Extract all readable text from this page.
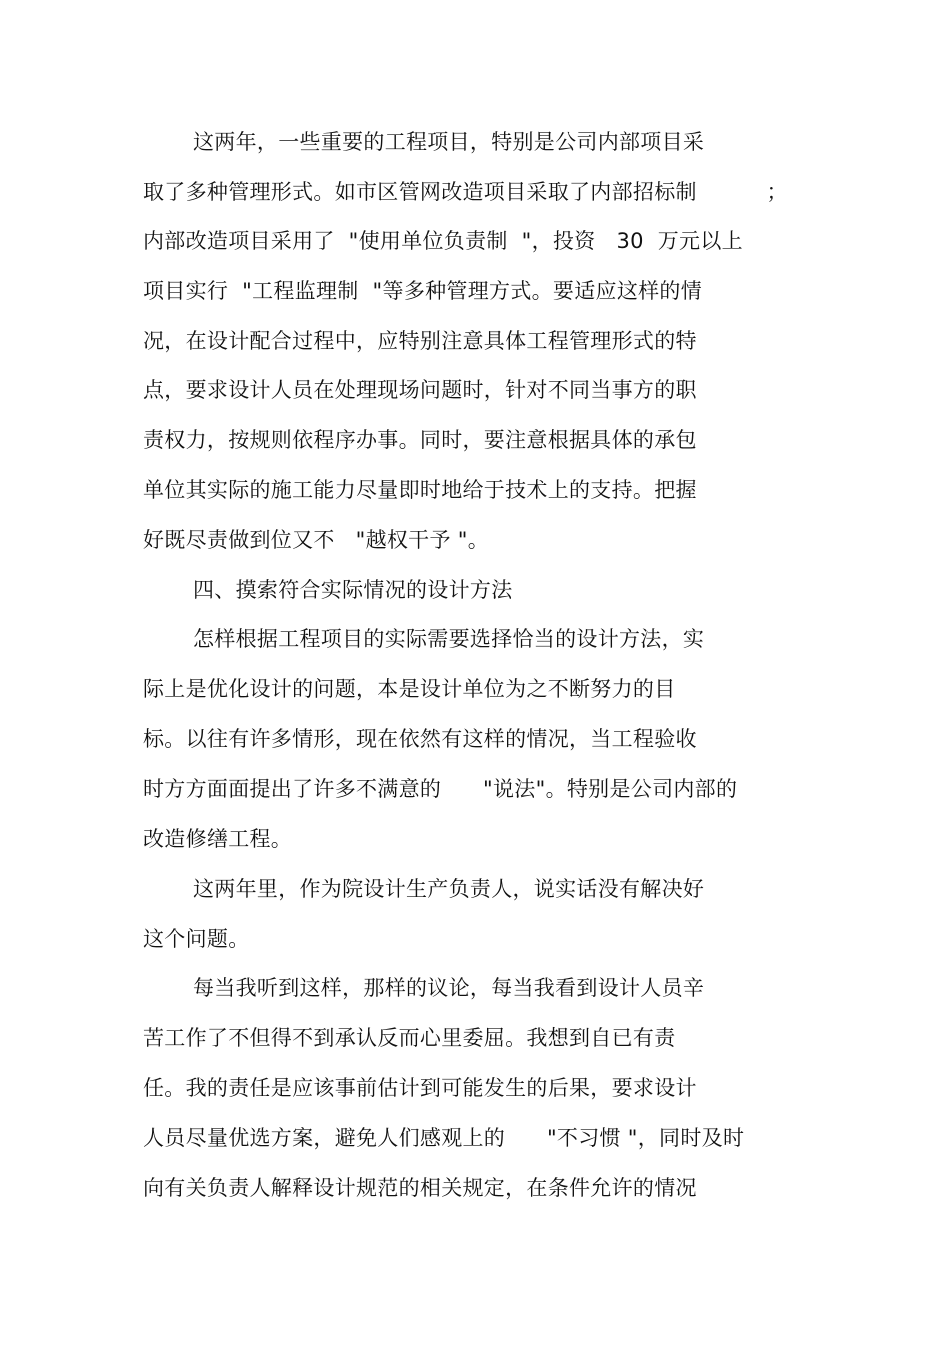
这两年，一些重要的工程项目，特别是公司内部项目采
取了多种管理形式。如市区管网改造项目采取了内部招标制          ；
内部改造项目采用了  "使用单位负责制  "，投资   30  万元以上
项目实行  "工程监理制  "等多种管理方式。要适应这样的情
况，在设计配合过程中，应特别注意具体工程管理形式的特
点，要求设计人员在处理现场问题时，针对不同当事方的职
责权力，按规则依程序办事。同时，要注意根据具体的承包
单位其实际的施工能力尽量即时地给于技术上的支持。把握
好既尽责做到位又不   "越权干予 "。
四、摸索符合实际情况的设计方法
怎样根据工程项目的实际需要选择恰当的设计方法，实
际上是优化设计的问题，本是设计单位为之不断努力的目
标。以往有许多情形，现在依然有这样的情况，当工程验收
时方方面面提出了许多不满意的      "说法"。特别是公司内部的
改造修缮工程。
这两年里，作为院设计生产负责人，说实话没有解决好
这个问题。
每当我听到这样，那样的议论，每当我看到设计人员辛
苦工作了不但得不到承认反而心里委屈。我想到自已有责
任。我的责任是应该事前估计到可能发生的后果，要求设计
人员尽量优选方案，避免人们感观上的      "不习惯 "，同时及时
向有关负责人解释设计规范的相关规定，在条件允许的情况
